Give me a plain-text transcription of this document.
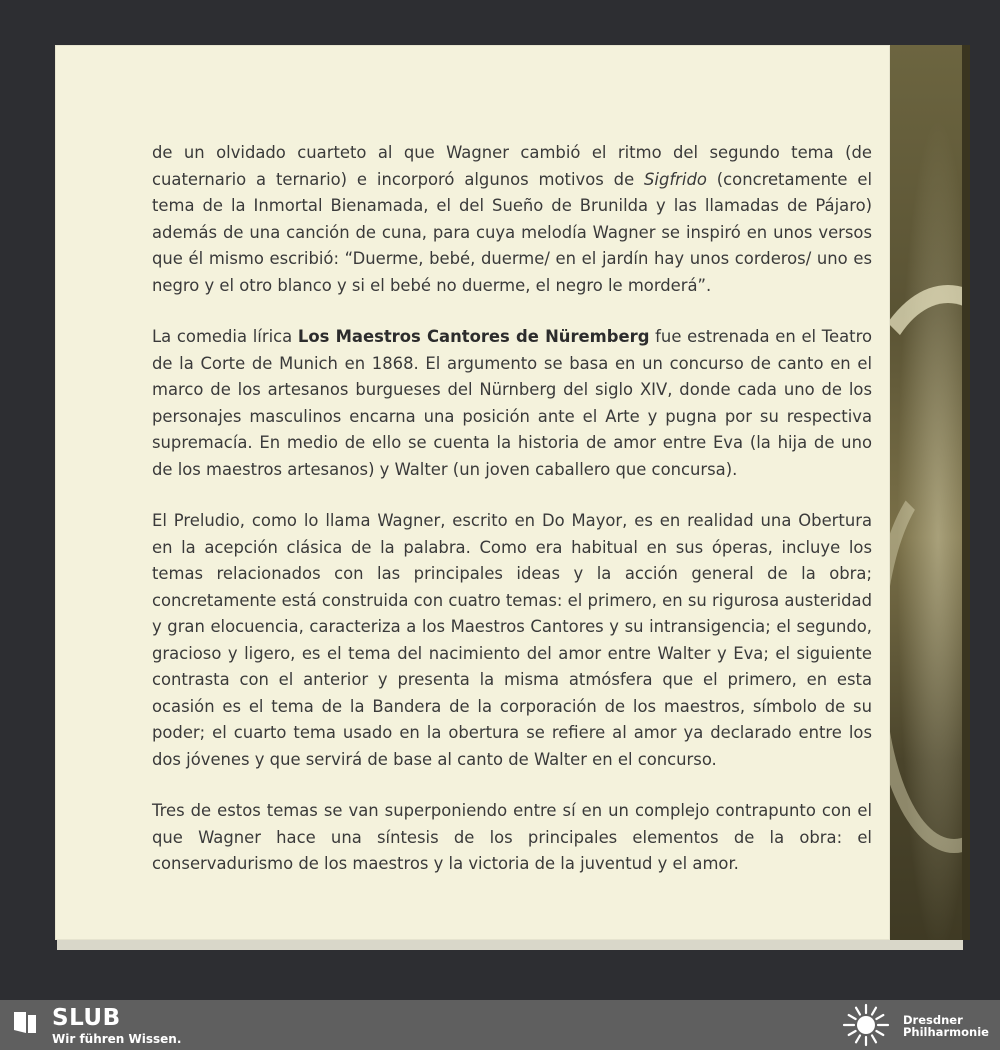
de un olvidado cuarteto al que Wagner cambió el ritmo del segundo tema (de cuaternario a ternario) e incorporó algunos motivos de Sigfrido (concretamente el tema de la Inmortal Bienamada, el del Sueño de Brunilda y las llamadas de Pájaro) además de una canción de cuna, para cuya melodía Wagner se inspiró en unos versos que él mismo escribió: “Duerme, bebé, duerme/ en el jardín hay unos corderos/ uno es negro y el otro blanco y si el bebé no duerme, el negro le morderá”.

La comedia lírica Los Maestros Cantores de Nüremberg fue estrenada en el Teatro de la Corte de Munich en 1868. El argumento se basa en un concurso de canto en el marco de los artesanos burgueses del Nürnberg del siglo XIV, donde cada uno de los personajes masculinos encarna una posición ante el Arte y pugna por su respectiva supremacía. En medio de ello se cuenta la historia de amor entre Eva (la hija de uno de los maestros artesanos) y Walter (un joven caballero que concursa).

El Preludio, como lo llama Wagner, escrito en Do Mayor, es en realidad una Obertura en la acepción clásica de la palabra. Como era habitual en sus óperas, incluye los temas relacionados con las principales ideas y la acción general de la obra; concretamente está construida con cuatro temas: el primero, en su rigurosa austeridad y gran elocuencia, caracteriza a los Maestros Cantores y su intransigencia; el segundo, gracioso y ligero, es el tema del nacimiento del amor entre Walter y Eva; el siguiente contrasta con el anterior y presenta la misma atmósfera que el primero, en esta ocasión es el tema de la Bandera de la corporación de los maestros, símbolo de su poder; el cuarto tema usado en la obertura se refiere al amor ya declarado entre los dos jóvenes y que servirá de base al canto de Walter en el concurso.

Tres de estos temas se van superponiendo entre sí en un complejo contrapunto con el que Wagner hace una síntesis de los principales elementos de la obra: el conservadurismo de los maestros y la victoria de la juventud y el amor.

SLUB
Wir führen Wissen.
Dresdner
Philharmonie
